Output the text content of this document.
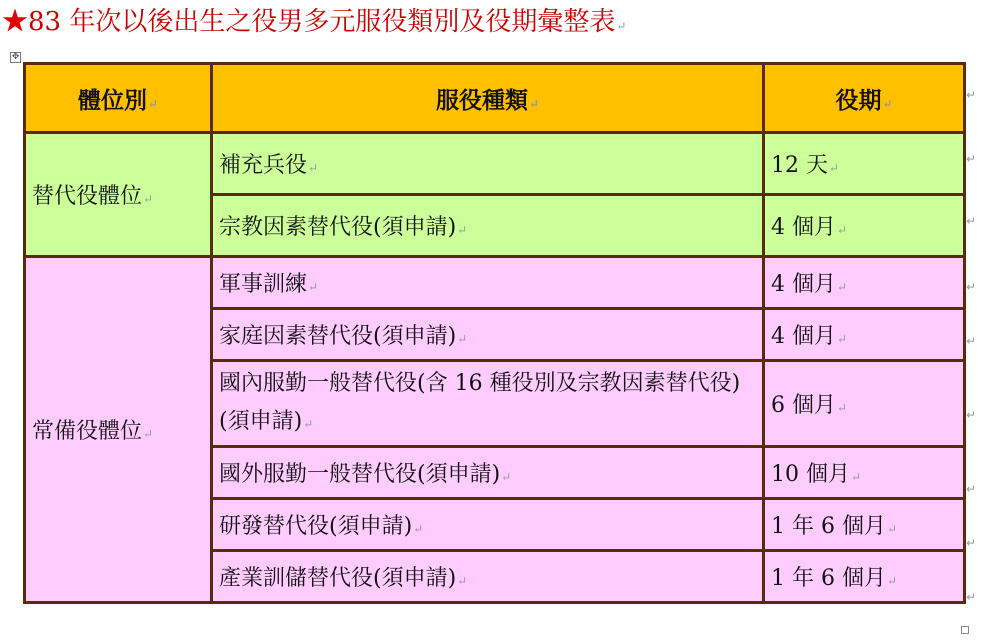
★83 年次以後出生之役男多元服役類別及役期彙整表↵
✥
體位別↵	服役種類↵	役期↵
替代役體位↵	補充兵役↵	12 天↵
	宗教因素替代役(須申請)↵	4 個月↵
常備役體位↵	軍事訓練↵	4 個月↵
	家庭因素替代役(須申請)↵	4 個月↵
	國內服勤一般替代役(含 16 種役別及宗教因素替代役)(須申請)↵	6 個月↵
	國外服勤一般替代役(須申請)↵	10 個月↵
	研發替代役(須申請)↵	1 年 6 個月↵
	產業訓儲替代役(須申請)↵	1 年 6 個月↵
↵
↵
↵
↵
↵
↵
↵
↵
↵
